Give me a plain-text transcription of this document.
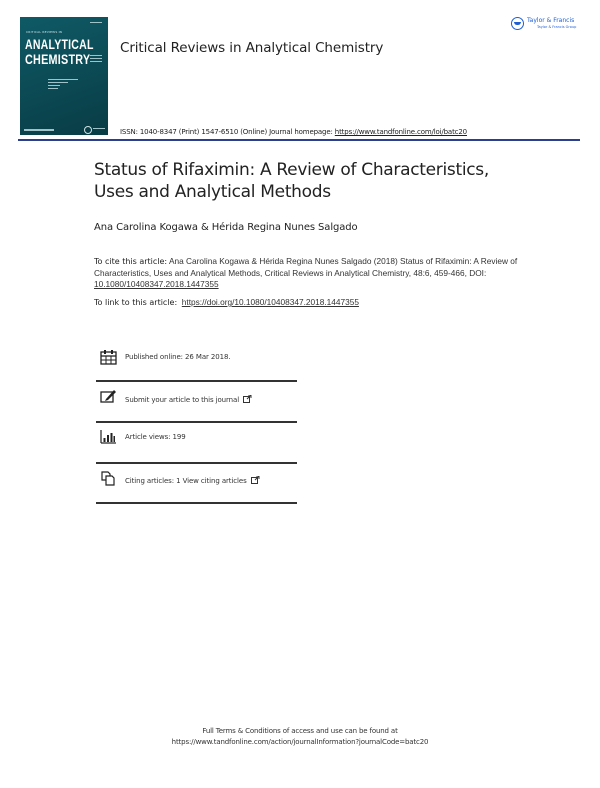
CRITICAL REVIEWS IN
ANALYTICAL
CHEMISTRY
Critical Reviews in Analytical Chemistry
Taylor & Francis
Taylor & Francis Group
ISSN: 1040-8347 (Print) 1547-6510 (Online) Journal homepage: https://www.tandfonline.com/loi/batc20
Status of Rifaximin: A Review of Characteristics,
Uses and Analytical Methods
Ana Carolina Kogawa & Hérida Regina Nunes Salgado
To cite this article: Ana Carolina Kogawa & Hérida Regina Nunes Salgado (2018) Status of Rifaximin: A Review of Characteristics, Uses and Analytical Methods, Critical Reviews in Analytical Chemistry, 48:6, 459-466, DOI: 10.1080/10408347.2018.1447355
To link to this article: https://doi.org/10.1080/10408347.2018.1447355
Published online: 26 Mar 2018.
Submit your article to this journal
Article views: 199
Citing articles: 1 View citing articles
Full Terms & Conditions of access and use can be found at
https://www.tandfonline.com/action/journalInformation?journalCode=batc20
